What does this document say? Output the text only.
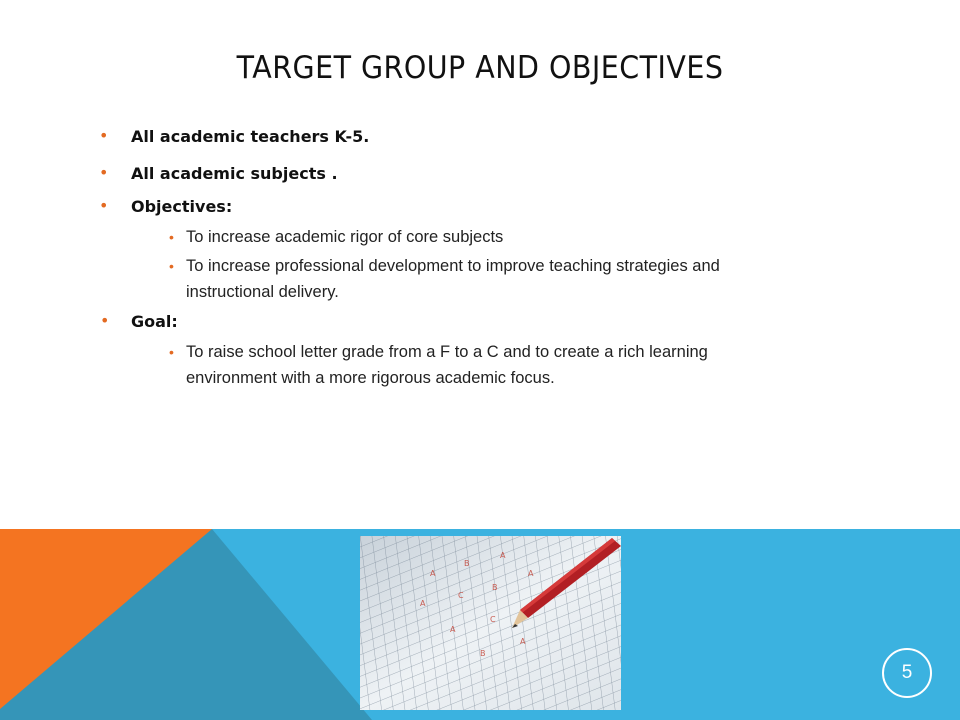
TARGET GROUP AND OBJECTIVES
• All academic teachers K-5.
• All academic subjects .
• Objectives:
• To increase academic rigor of core subjects
• To increase professional development to improve teaching strategies and
instructional delivery.
• Goal:
• To raise school letter grade from a F to a C and to create a rich learning
environment with a more rigorous academic focus.
A
B
A
A
C
B
A
A
C
B
A
5
